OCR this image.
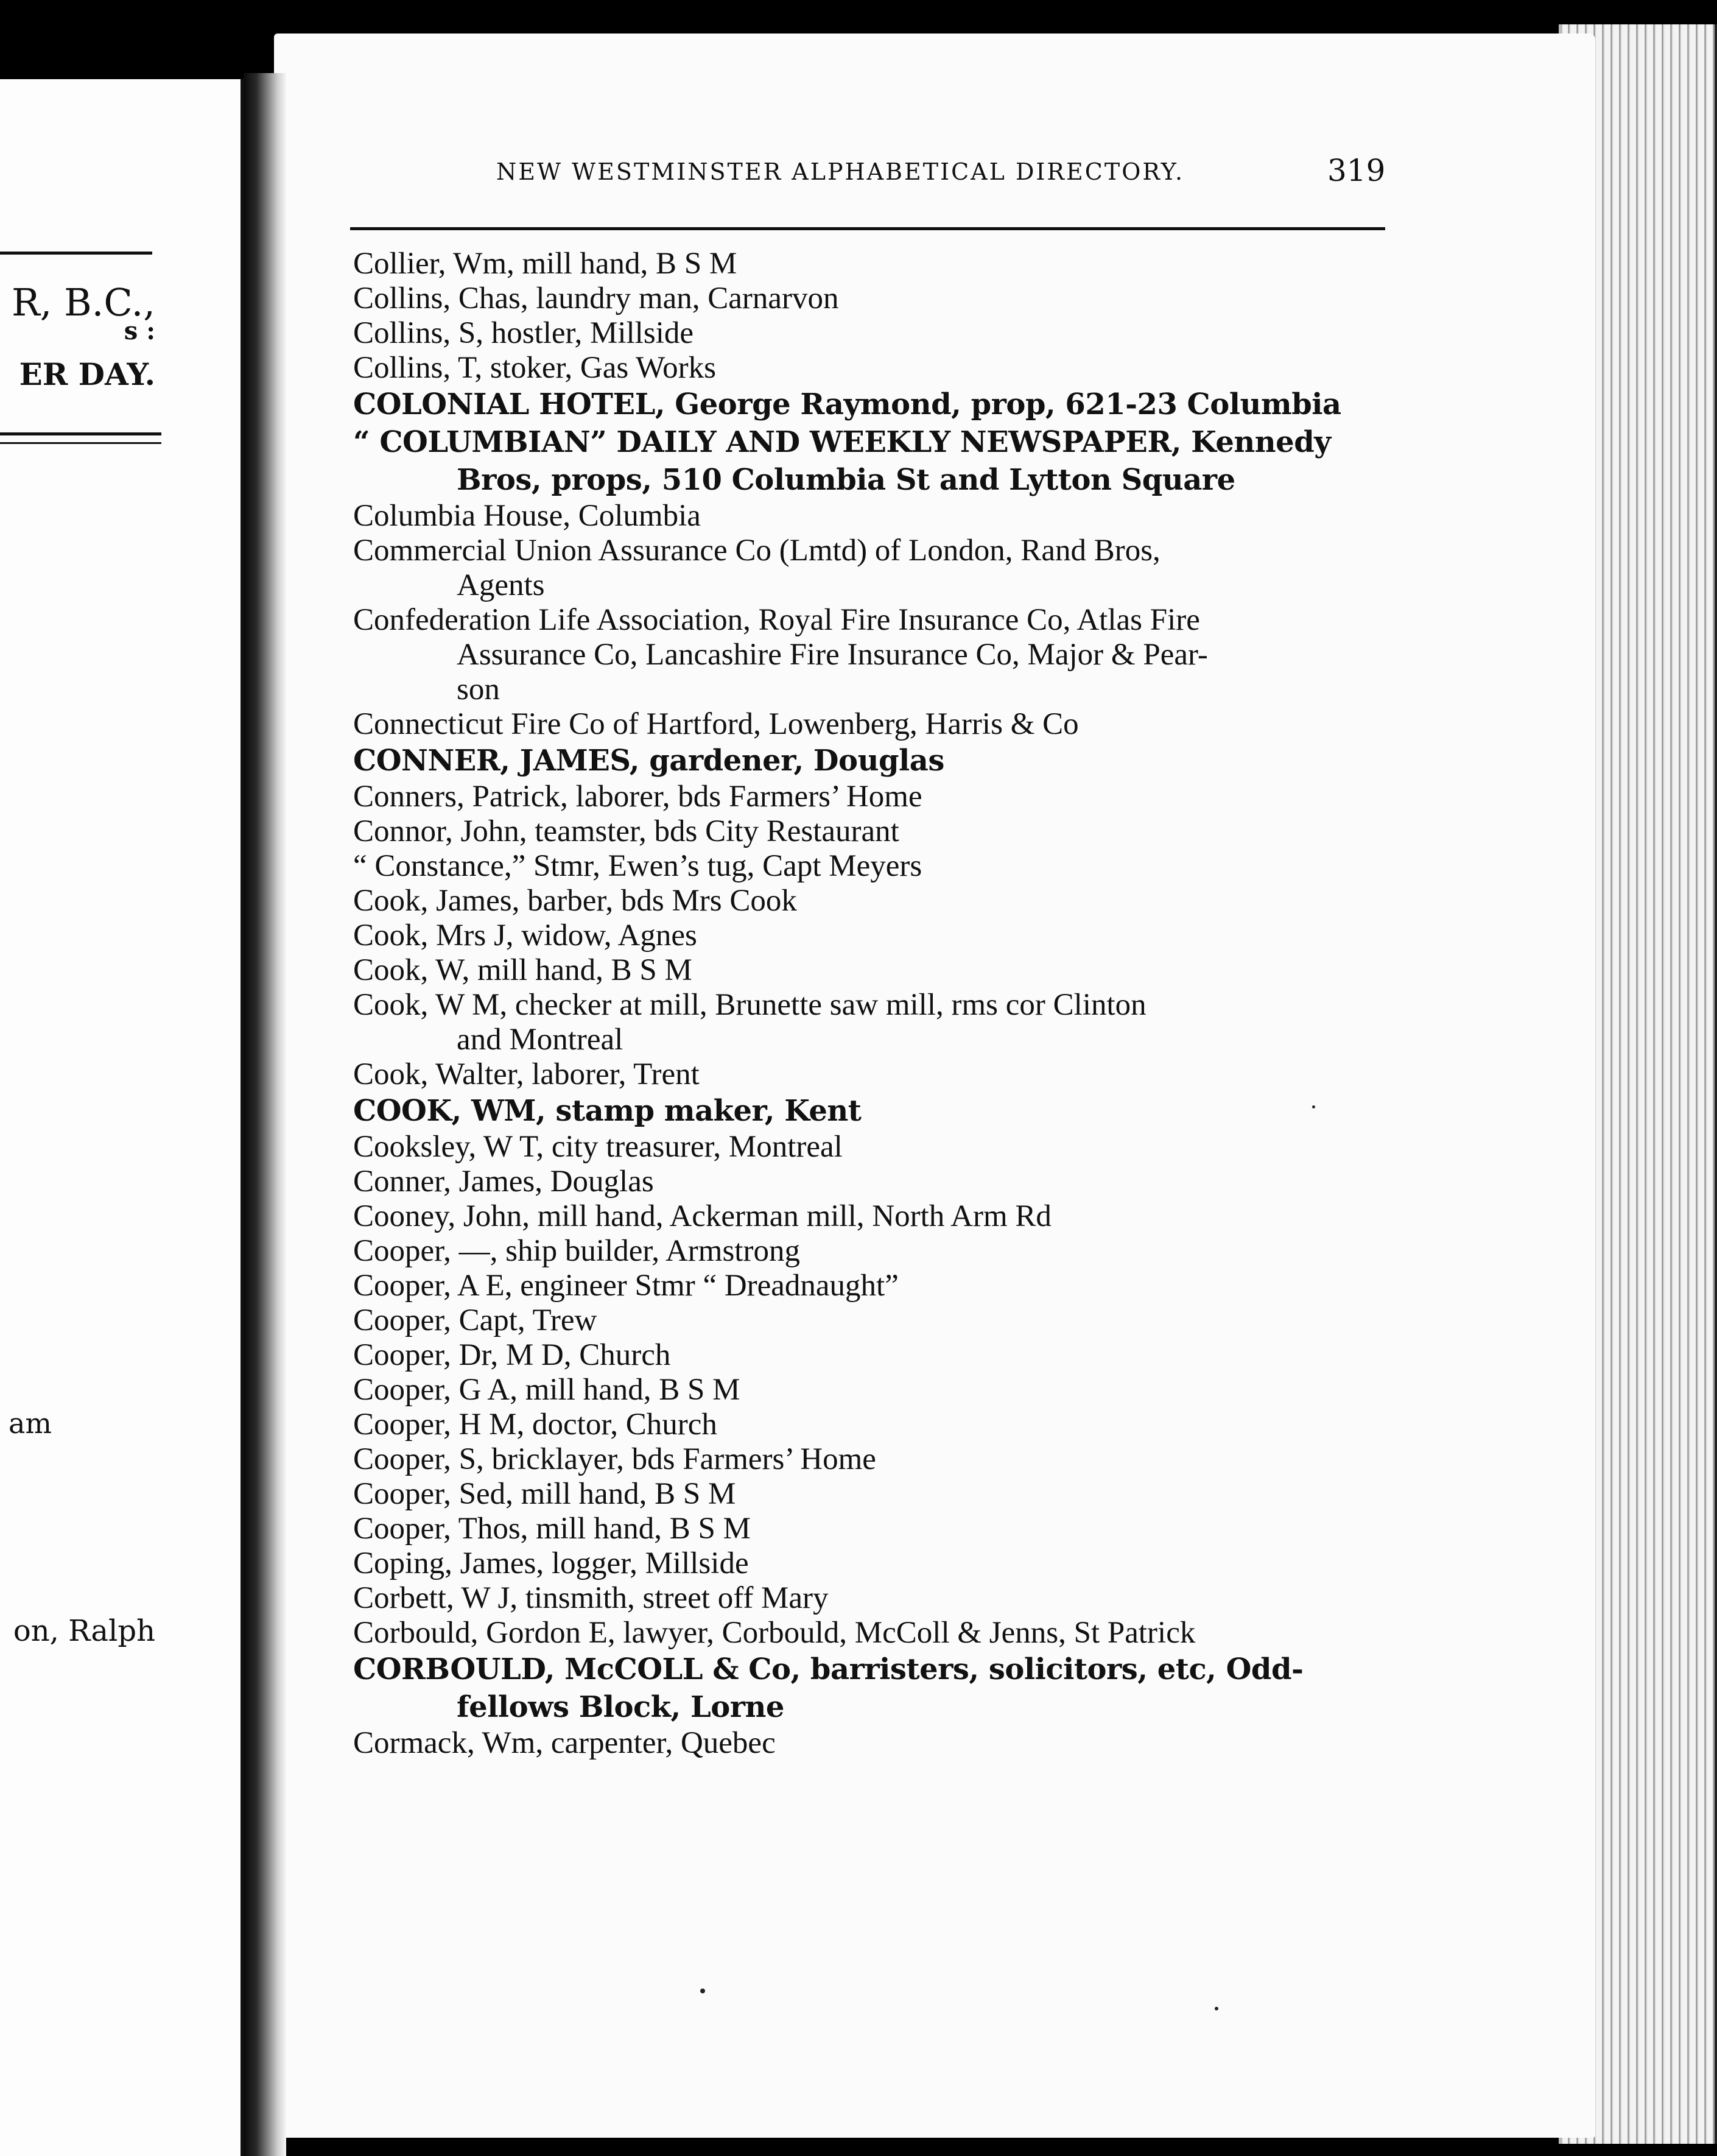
R, B.C.,
s :
ER DAY.
am
on, Ralph
NEW WESTMINSTER ALPHABETICAL DIRECTORY.	319
Collier, Wm, mill hand, B S M
Collins, Chas, laundry man, Carnarvon
Collins, S, hostler, Millside
Collins, T, stoker, Gas Works
COLONIAL HOTEL, George Raymond, prop, 621-23 Columbia
“ COLUMBIAN” DAILY AND WEEKLY NEWSPAPER, Kennedy
Bros, props, 510 Columbia St and Lytton Square
Columbia House, Columbia
Commercial Union Assurance Co (Lmtd) of London, Rand Bros,
Agents
Confederation Life Association, Royal Fire Insurance Co, Atlas Fire
Assurance Co, Lancashire Fire Insurance Co, Major & Pear-
son
Connecticut Fire Co of Hartford, Lowenberg, Harris & Co
CONNER, JAMES, gardener, Douglas
Conners, Patrick, laborer, bds Farmers’ Home
Connor, John, teamster, bds City Restaurant
“ Constance,” Stmr, Ewen’s tug, Capt Meyers
Cook, James, barber, bds Mrs Cook
Cook, Mrs J, widow, Agnes
Cook, W, mill hand, B S M
Cook, W M, checker at mill, Brunette saw mill, rms cor Clinton
and Montreal
Cook, Walter, laborer, Trent
COOK, WM, stamp maker, Kent
Cooksley, W T, city treasurer, Montreal
Conner, James, Douglas
Cooney, John, mill hand, Ackerman mill, North Arm Rd
Cooper, —, ship builder, Armstrong
Cooper, A E, engineer Stmr “ Dreadnaught”
Cooper, Capt, Trew
Cooper, Dr, M D, Church
Cooper, G A, mill hand, B S M
Cooper, H M, doctor, Church
Cooper, S, bricklayer, bds Farmers’ Home
Cooper, Sed, mill hand, B S M
Cooper, Thos, mill hand, B S M
Coping, James, logger, Millside
Corbett, W J, tinsmith, street off Mary
Corbould, Gordon E, lawyer, Corbould, McColl & Jenns, St Patrick
CORBOULD, McCOLL & Co, barristers, solicitors, etc, Odd-
fellows Block, Lorne
Cormack, Wm, carpenter, Quebec
